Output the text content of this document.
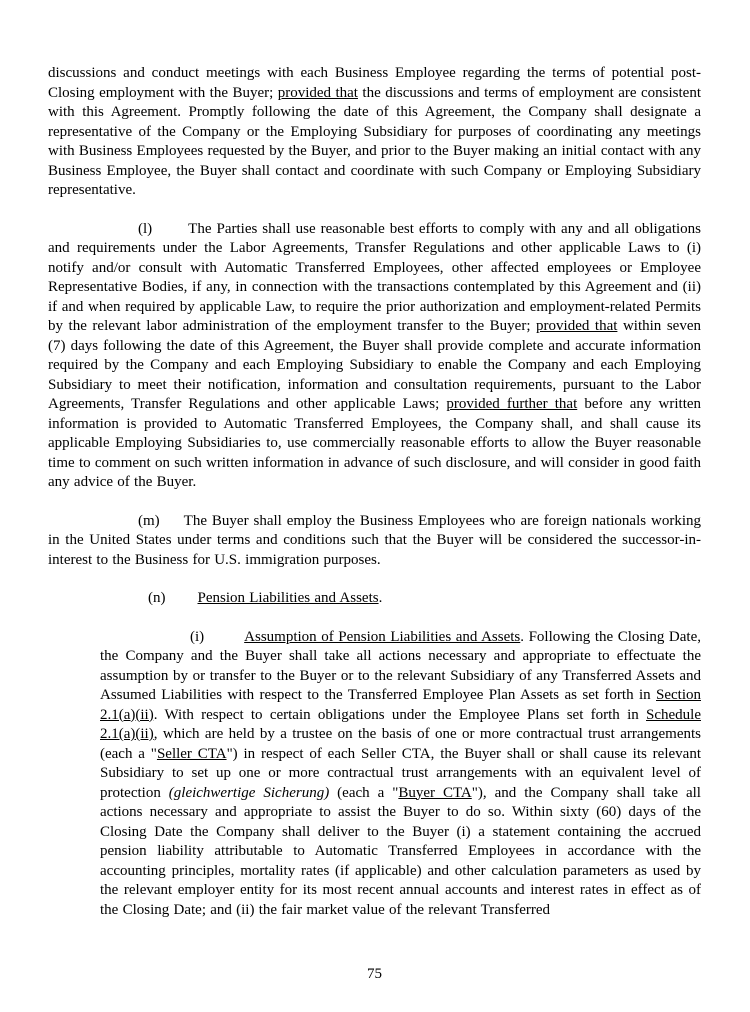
discussions and conduct meetings with each Business Employee regarding the terms of potential post-Closing employment with the Buyer; provided that the discussions and terms of employment are consistent with this Agreement. Promptly following the date of this Agreement, the Company shall designate a representative of the Company or the Employing Subsidiary for purposes of coordinating any meetings with Business Employees requested by the Buyer, and prior to the Buyer making an initial contact with any Business Employee, the Buyer shall contact and coordinate with such Company or Employing Subsidiary representative.

(l) The Parties shall use reasonable best efforts to comply with any and all obligations and requirements under the Labor Agreements, Transfer Regulations and other applicable Laws to (i) notify and/or consult with Automatic Transferred Employees, other affected employees or Employee Representative Bodies, if any, in connection with the transactions contemplated by this Agreement and (ii) if and when required by applicable Law, to require the prior authorization and employment-related Permits by the relevant labor administration of the employment transfer to the Buyer; provided that within seven (7) days following the date of this Agreement, the Buyer shall provide complete and accurate information required by the Company and each Employing Subsidiary to enable the Company and each Employing Subsidiary to meet their notification, information and consultation requirements, pursuant to the Labor Agreements, Transfer Regulations and other applicable Laws; provided further that before any written information is provided to Automatic Transferred Employees, the Company shall, and shall cause its applicable Employing Subsidiaries to, use commercially reasonable efforts to allow the Buyer reasonable time to comment on such written information in advance of such disclosure, and will consider in good faith any advice of the Buyer.

(m) The Buyer shall employ the Business Employees who are foreign nationals working in the United States under terms and conditions such that the Buyer will be considered the successor-in-interest to the Business for U.S. immigration purposes.

(n) Pension Liabilities and Assets.

(i)	Assumption of Pension Liabilities and Assets. Following the Closing Date, the Company and the Buyer shall take all actions necessary and appropriate to effectuate the assumption by or transfer to the Buyer or to the relevant Subsidiary of any Transferred Assets and Assumed Liabilities with respect to the Transferred Employee Plan Assets as set forth in Section 2.1(a)(ii). With respect to certain obligations under the Employee Plans set forth in Schedule 2.1(a)(ii), which are held by a trustee on the basis of one or more contractual trust arrangements (each a "Seller CTA") in respect of each Seller CTA, the Buyer shall or shall cause its relevant Subsidiary to set up one or more contractual trust arrangements with an equivalent level of protection (gleichwertige Sicherung) (each a "Buyer CTA"), and the Company shall take all actions necessary and appropriate to assist the Buyer to do so. Within sixty (60) days of the Closing Date the Company shall deliver to the Buyer (i) a statement containing the accrued pension liability attributable to Automatic Transferred Employees in accordance with the accounting principles, mortality rates (if applicable) and other calculation parameters as used by the relevant employer entity for its most recent annual accounts and interest rates in effect as of the Closing Date; and (ii) the fair market value of the relevant Transferred

75
